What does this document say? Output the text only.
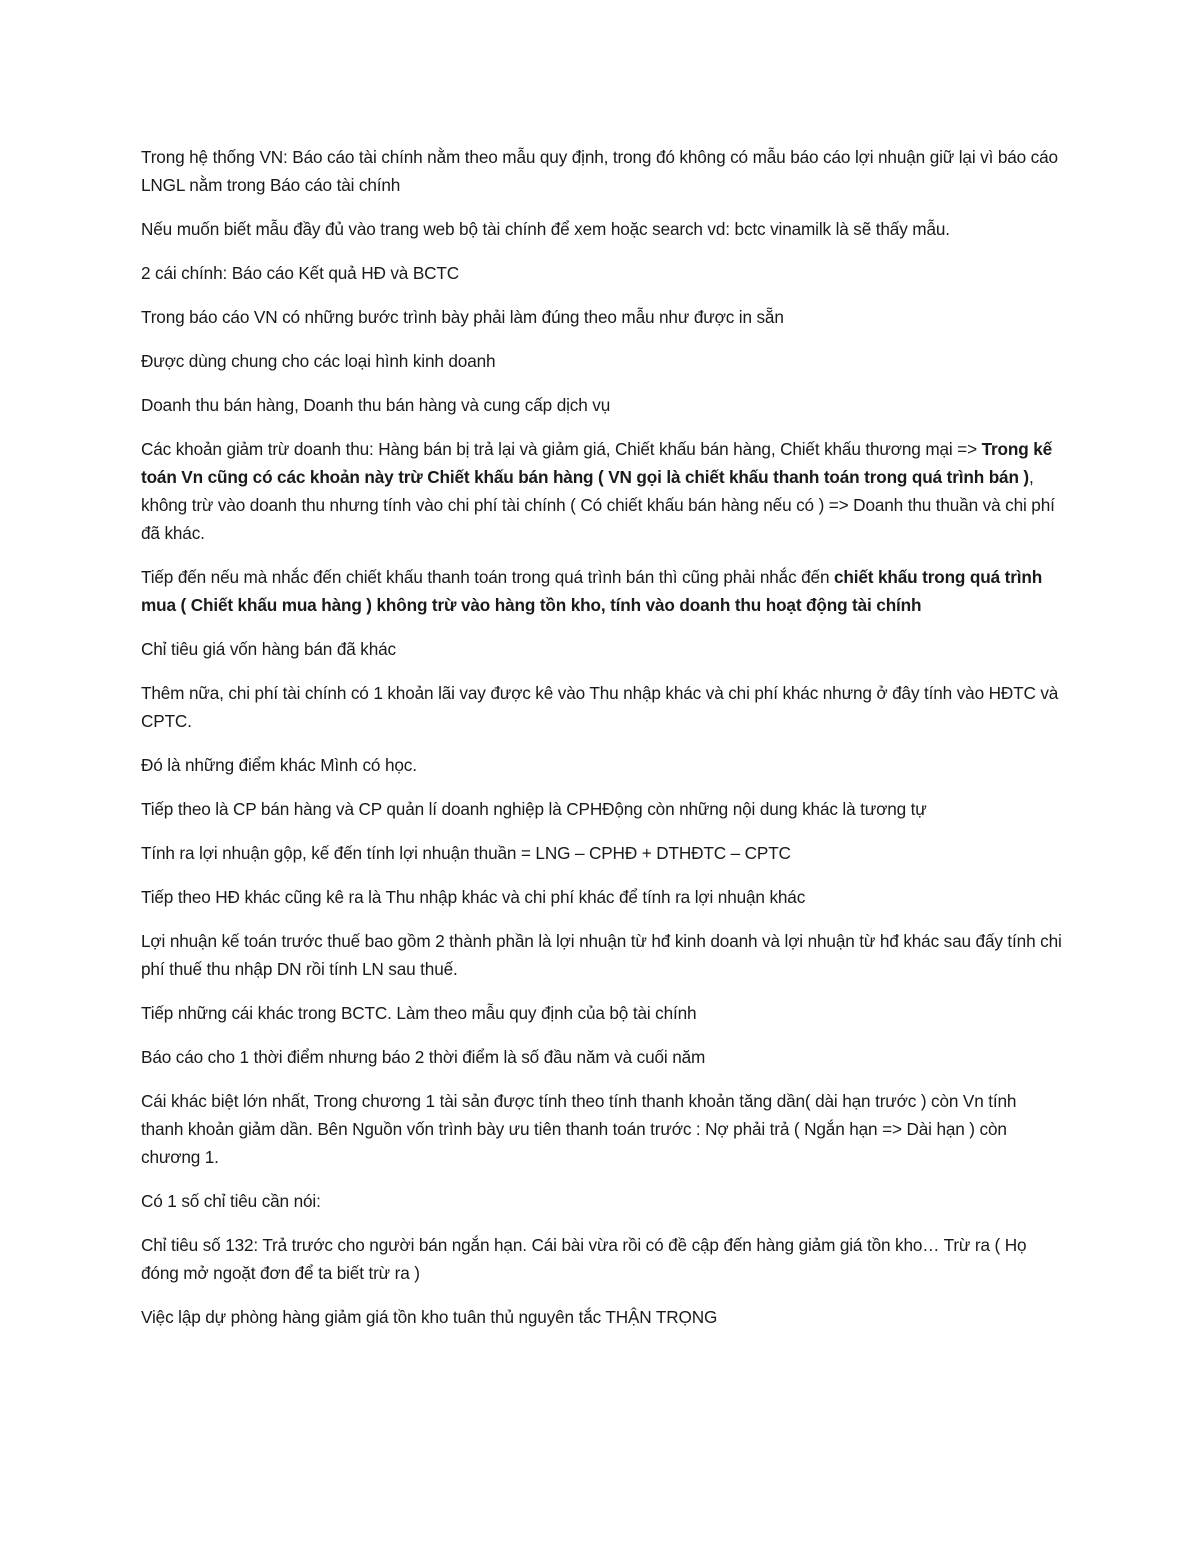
Trong hệ thống VN: Báo cáo tài chính nằm theo mẫu quy định, trong đó không có mẫu báo cáo lợi nhuận giữ lại vì báo cáo LNGL nằm trong Báo cáo tài chính

Nếu muốn biết mẫu đầy đủ vào trang web bộ tài chính để xem hoặc search vd: bctc vinamilk là sẽ thấy mẫu.

2 cái chính: Báo cáo Kết quả HĐ và BCTC

Trong báo cáo VN có những bước trình bày phải làm đúng theo mẫu như được in sẵn

Được dùng chung cho các loại hình kinh doanh

Doanh thu bán hàng, Doanh thu bán hàng và cung cấp dịch vụ

Các khoản giảm trừ doanh thu: Hàng bán bị trả lại và giảm giá, Chiết khấu bán hàng, Chiết khấu thương mại => Trong kế toán Vn cũng có các khoản này trừ Chiết khấu bán hàng ( VN gọi là chiết khấu thanh toán trong quá trình bán ), không trừ vào doanh thu nhưng tính vào chi phí tài chính ( Có chiết khấu bán hàng nếu có ) => Doanh thu thuần và chi phí đã khác.

Tiếp đến nếu mà nhắc đến chiết khấu thanh toán trong quá trình bán thì cũng phải nhắc đến chiết khấu trong quá trình mua ( Chiết khấu mua hàng ) không trừ vào hàng tồn kho, tính vào doanh thu hoạt động tài chính

Chỉ tiêu giá vốn hàng bán đã khác

Thêm nữa, chi phí tài chính có 1 khoản lãi vay được kê vào Thu nhập khác và chi phí khác nhưng ở đây tính vào HĐTC và CPTC.

Đó là những điểm khác Mình có học.

Tiếp theo là CP bán hàng và CP quản lí doanh nghiệp là CPHĐộng còn những nội dung khác là tương tự

Tính ra lợi nhuận gộp, kế đến tính lợi nhuận thuần = LNG – CPHĐ + DTHĐTC – CPTC

Tiếp theo HĐ khác cũng kê ra là Thu nhập khác và chi phí khác để tính ra lợi nhuận khác

Lợi nhuận kế toán trước thuế bao gồm 2 thành phần là lợi nhuận từ hđ kinh doanh và lợi nhuận từ hđ khác sau đấy tính chi phí thuế thu nhập DN rồi tính LN sau thuế.

Tiếp những cái khác trong BCTC. Làm theo mẫu quy định của bộ tài chính

Báo cáo cho 1 thời điểm nhưng báo 2 thời điểm là số đầu năm và cuối năm

Cái khác biệt lớn nhất, Trong chương 1 tài sản được tính theo tính thanh khoản tăng dần( dài hạn trước ) còn Vn tính thanh khoản giảm dần. Bên Nguồn vốn trình bày ưu tiên thanh toán trước : Nợ phải trả ( Ngắn hạn => Dài hạn ) còn chương 1.

Có 1 số chỉ tiêu cần nói:

Chỉ tiêu số 132: Trả trước cho người bán ngắn hạn. Cái bài vừa rồi có đề cập đến hàng giảm giá tồn kho… Trừ ra ( Họ đóng mở ngoặt đơn để ta biết trừ ra )

Việc lập dự phòng hàng giảm giá tồn kho tuân thủ nguyên tắc THẬN TRỌNG
